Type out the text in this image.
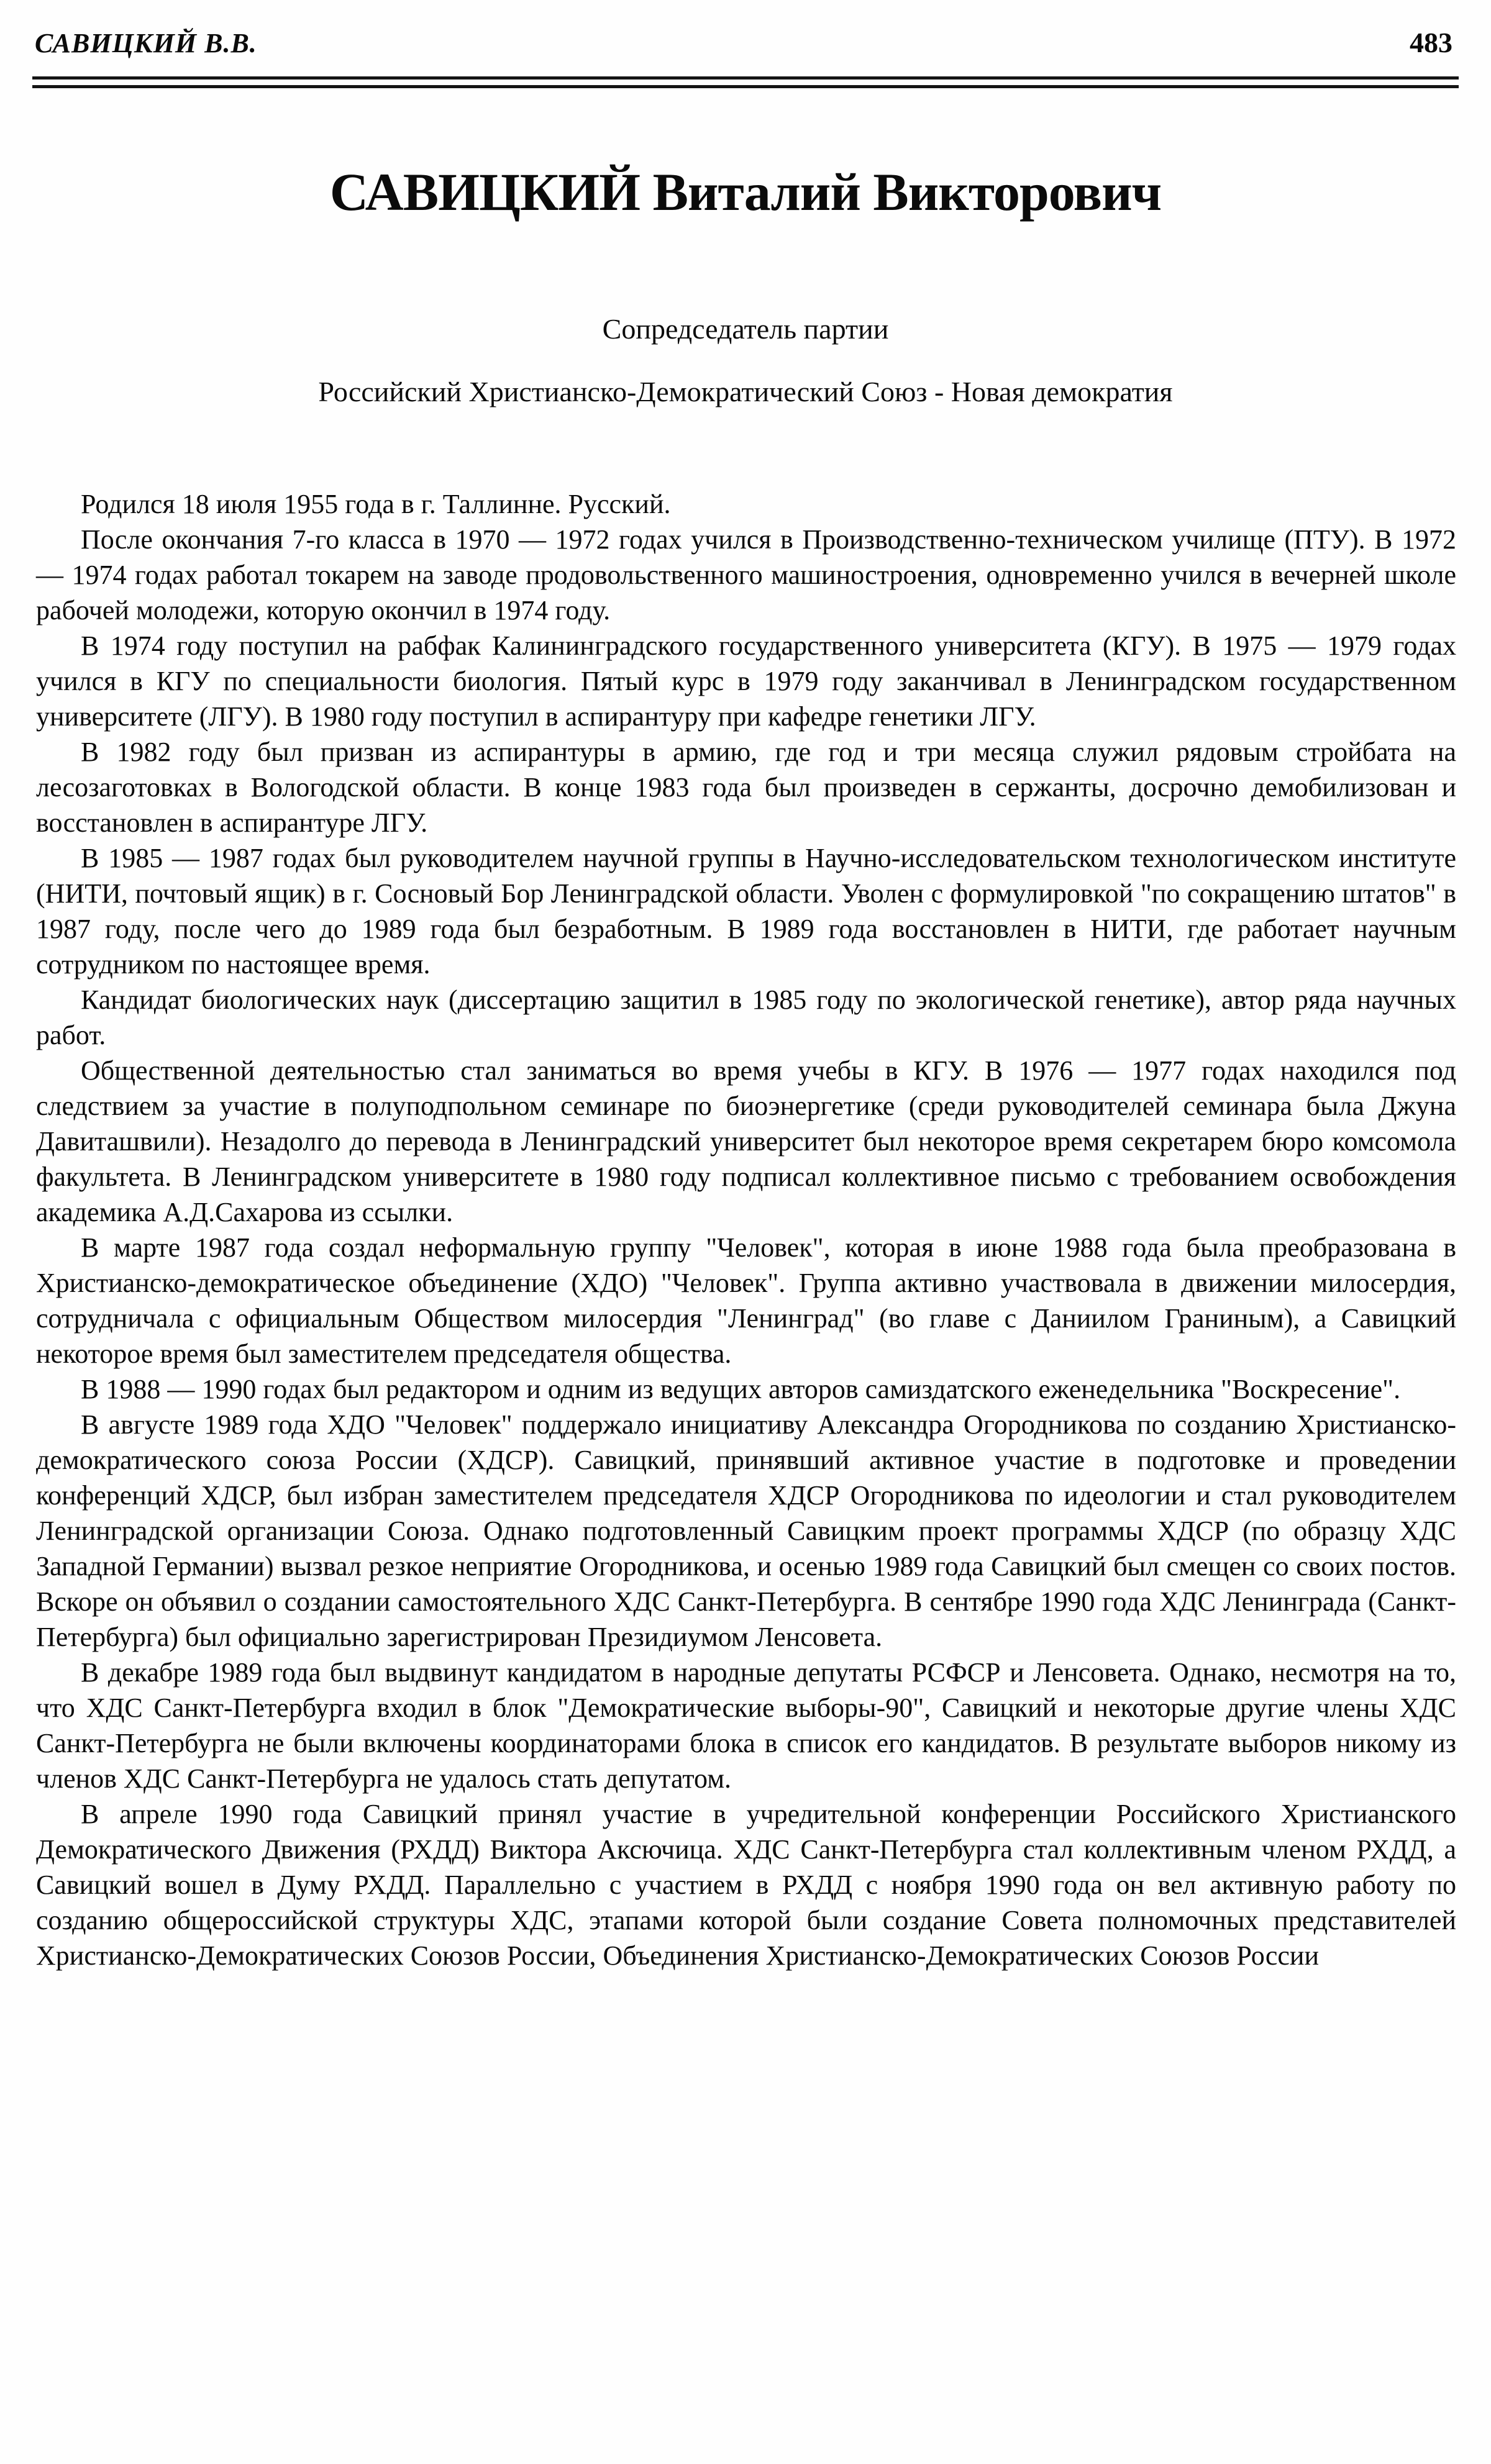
САВИЦКИЙ В.В.	483
САВИЦКИЙ Виталий Викторович
Сопредседатель партии
Российский Христианско-Демократический Союз - Новая демократия

Родился 18 июля 1955 года в г. Таллинне. Русский.

После окончания 7-го класса в 1970 — 1972 годах учился в Производственно-техническом училище (ПТУ). В 1972 — 1974 годах работал токарем на заводе продовольственного машиностроения, одновременно учился в вечерней школе рабочей молодежи, которую окончил в 1974 году.

В 1974 году поступил на рабфак Калининградского государственного университета (КГУ). В 1975 — 1979 годах учился в КГУ по специальности биология. Пятый курс в 1979 году заканчивал в Ленинградском государственном университете (ЛГУ). В 1980 году поступил в аспирантуру при кафедре генетики ЛГУ.

В 1982 году был призван из аспирантуры в армию, где год и три месяца служил рядовым стройбата на лесозаготовках в Вологодской области. В конце 1983 года был произведен в сержанты, досрочно демобилизован и восстановлен в аспирантуре ЛГУ.

В 1985 — 1987 годах был руководителем научной группы в Научно-исследовательском технологическом институте (НИТИ, почтовый ящик) в г. Сосновый Бор Ленинградской области. Уволен с формулировкой "по сокращению штатов" в 1987 году, после чего до 1989 года был безработным. В 1989 года восстановлен в НИТИ, где работает научным сотрудником по настоящее время.

Кандидат биологических наук (диссертацию защитил в 1985 году по экологической генетике), автор ряда научных работ.

Общественной деятельностью стал заниматься во время учебы в КГУ. В 1976 — 1977 годах находился под следствием за участие в полуподпольном семинаре по биоэнергетике (среди руководителей семинара была Джуна Давиташвили). Незадолго до перевода в Ленинградский университет был некоторое время секретарем бюро комсомола факультета. В Ленинградском университете в 1980 году подписал коллективное письмо с требованием освобождения академика А.Д.Сахарова из ссылки.

В марте 1987 года создал неформальную группу "Человек", которая в июне 1988 года была преобразована в Христианско-демократическое объединение (ХДО) "Человек". Группа активно участвовала в движении милосердия, сотрудничала с официальным Обществом милосердия "Ленинград" (во главе с Даниилом Граниным), а Савицкий некоторое время был заместителем председателя общества.

В 1988 — 1990 годах был редактором и одним из ведущих авторов самиздатского еженедельника "Воскресение".

В августе 1989 года ХДО "Человек" поддержало инициативу Александра Огородникова по созданию Христианско-демократического союза России (ХДСР). Савицкий, принявший активное участие в подготовке и проведении конференций ХДСР, был избран заместителем председателя ХДСР Огородникова по идеологии и стал руководителем Ленинградской организации Союза. Однако подготовленный Савицким проект программы ХДСР (по образцу ХДС Западной Германии) вызвал резкое неприятие Огородникова, и осенью 1989 года Савицкий был смещен со своих постов. Вскоре он объявил о создании самостоятельного ХДС Санкт-Петербурга. В сентябре 1990 года ХДС Ленинграда (Санкт-Петербурга) был официально зарегистрирован Президиумом Ленсовета.

В декабре 1989 года был выдвинут кандидатом в народные депутаты РСФСР и Ленсовета. Однако, несмотря на то, что ХДС Санкт-Петербурга входил в блок "Демократические выборы-90", Савицкий и некоторые другие члены ХДС Санкт-Петербурга не были включены координаторами блока в список его кандидатов. В результате выборов никому из членов ХДС Санкт-Петербурга не удалось стать депутатом.

В апреле 1990 года Савицкий принял участие в учредительной конференции Российского Христианского Демократического Движения (РХДД) Виктора Аксючица. ХДС Санкт-Петербурга стал коллективным членом РХДД, а Савицкий вошел в Думу РХДД. Параллельно с участием в РХДД с ноября 1990 года он вел активную работу по созданию общероссийской структуры ХДС, этапами которой были создание Совета полномочных представителей Христианско-Демократических Союзов России, Объединения Христианско-Демократических Союзов России
